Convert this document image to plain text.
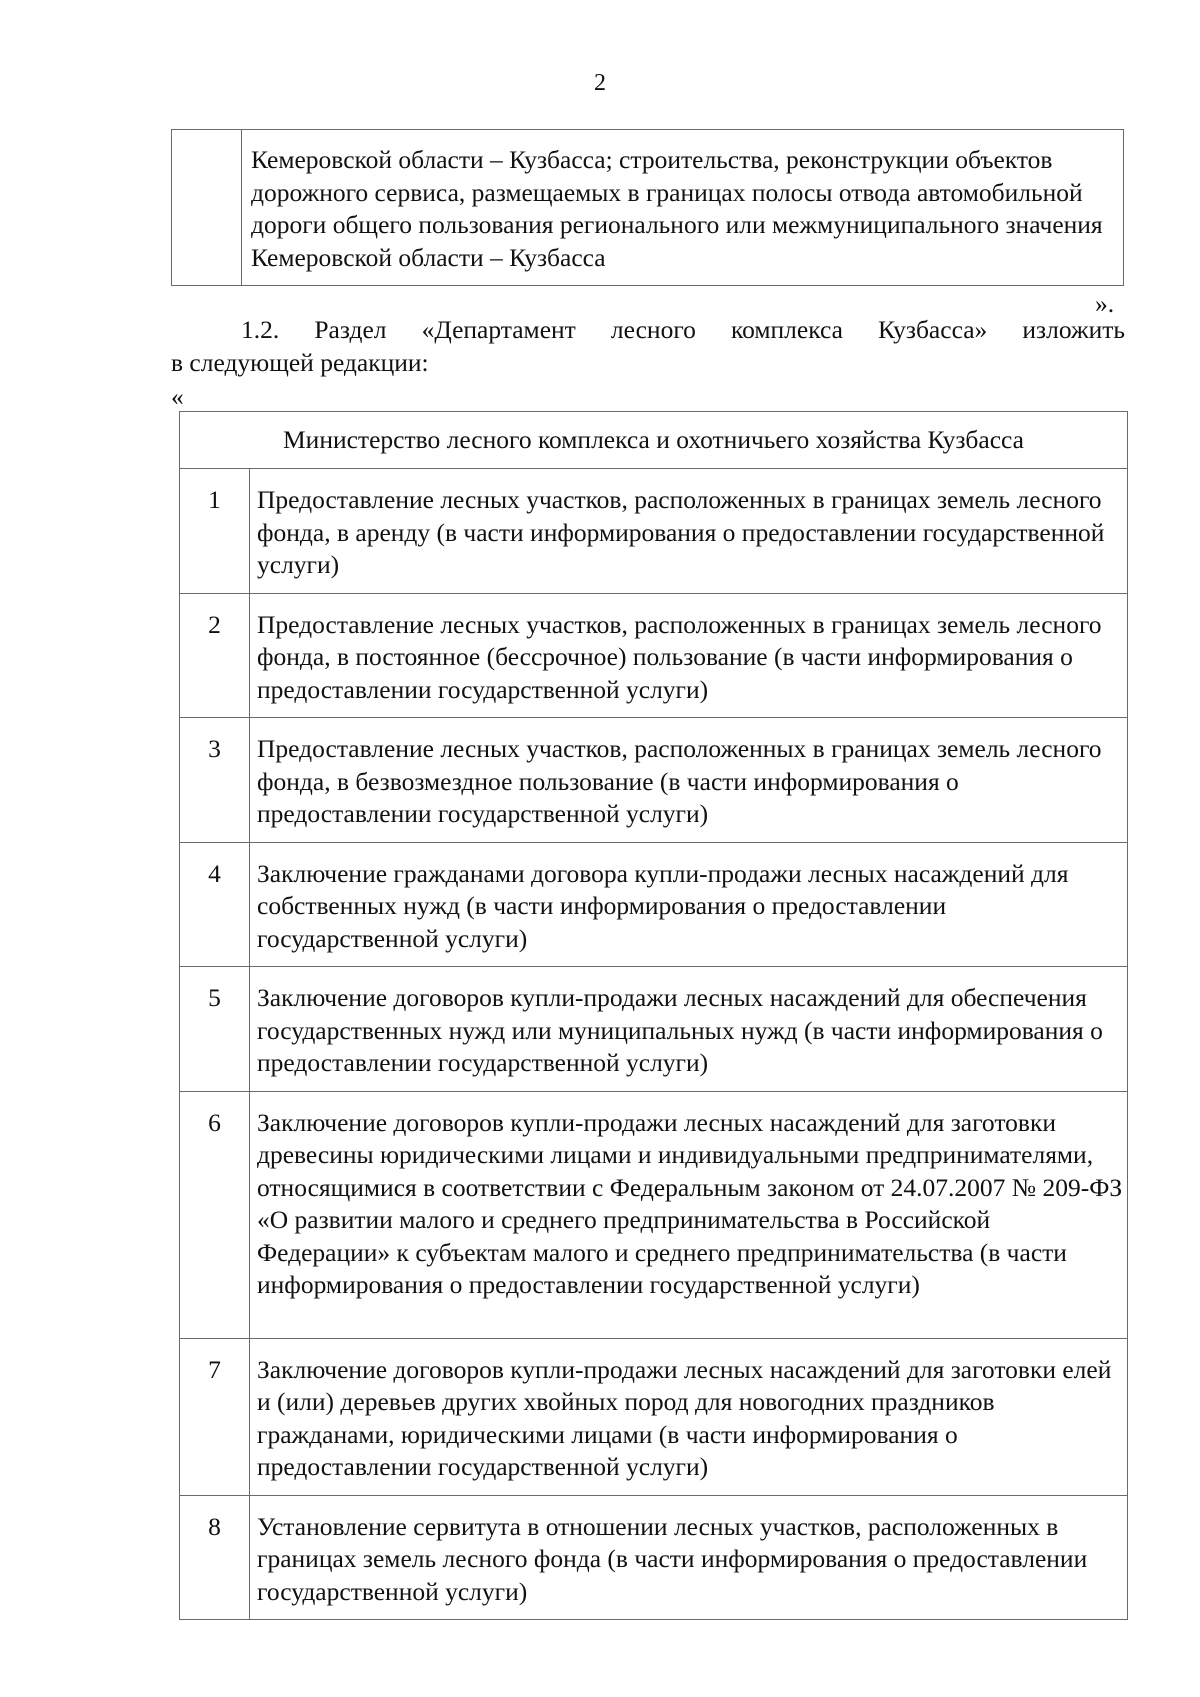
2
	Кемеровской области – Кузбасса; строительства, реконструкции объектов дорожного сервиса, размещаемых в границах полосы отвода автомобильной дороги общего пользования регионального или межмуниципального значения Кемеровской области – Кузбасса
».
1.2. Раздел «Департамент лесного комплекса Кузбасса» изложить
в следующей редакции:
«
Министерство лесного комплекса и охотничьего хозяйства Кузбасса	
1	Предоставление лесных участков, расположенных в границах земель лесного фонда, в аренду (в части информирования о предоставлении государственной услуги)
2	Предоставление лесных участков, расположенных в границах земель лесного фонда, в постоянное (бессрочное) пользование (в части информирования о предоставлении государственной услуги)
3	Предоставление лесных участков, расположенных в границах земель лесного фонда, в безвозмездное пользование (в части информирования о предоставлении государственной услуги)
4	Заключение гражданами договора купли-продажи лесных насаждений для собственных нужд (в части информирования о предоставлении государственной услуги)
5	Заключение договоров купли-продажи лесных насаждений для обеспечения государственных нужд или муниципальных нужд (в части информирования о предоставлении государственной услуги)
6	Заключение договоров купли-продажи лесных насаждений для заготовки древесины юридическими лицами и индивидуальными предпринимателями, относящимися в соответствии с Федеральным законом от 24.07.2007 № 209-ФЗ «О развитии малого и среднего предпринимательства в Российской Федерации» к субъектам малого и среднего предпринимательства (в части информирования о предоставлении государственной услуги)
7	Заключение договоров купли-продажи лесных насаждений для заготовки елей и (или) деревьев других хвойных пород для новогодних праздников гражданами, юридическими лицами (в части информирования о предоставлении государственной услуги)
8	Установление сервитута в отношении лесных участков, расположенных в границах земель лесного фонда (в части информирования о предоставлении государственной услуги)
